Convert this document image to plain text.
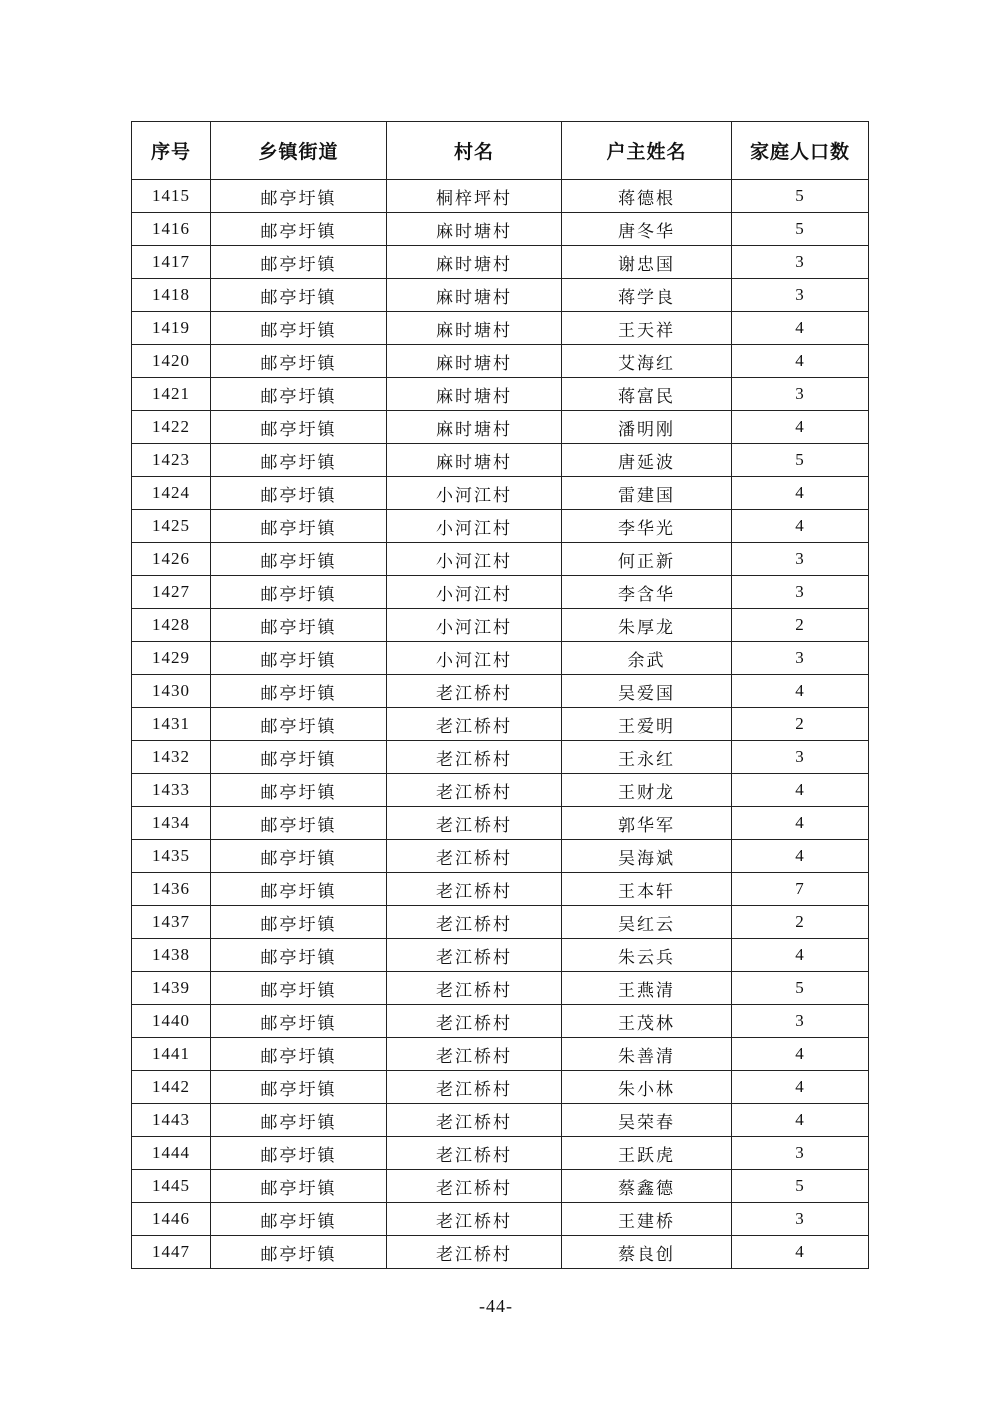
序号	乡镇街道	村名	户主姓名	家庭人口数
1415	邮亭圩镇	桐梓坪村	蒋德根	5
1416	邮亭圩镇	麻时塘村	唐冬华	5
1417	邮亭圩镇	麻时塘村	谢忠国	3
1418	邮亭圩镇	麻时塘村	蒋学良	3
1419	邮亭圩镇	麻时塘村	王天祥	4
1420	邮亭圩镇	麻时塘村	艾海红	4
1421	邮亭圩镇	麻时塘村	蒋富民	3
1422	邮亭圩镇	麻时塘村	潘明刚	4
1423	邮亭圩镇	麻时塘村	唐延波	5
1424	邮亭圩镇	小河江村	雷建国	4
1425	邮亭圩镇	小河江村	李华光	4
1426	邮亭圩镇	小河江村	何正新	3
1427	邮亭圩镇	小河江村	李含华	3
1428	邮亭圩镇	小河江村	朱厚龙	2
1429	邮亭圩镇	小河江村	余武	3
1430	邮亭圩镇	老江桥村	吴爱国	4
1431	邮亭圩镇	老江桥村	王爱明	2
1432	邮亭圩镇	老江桥村	王永红	3
1433	邮亭圩镇	老江桥村	王财龙	4
1434	邮亭圩镇	老江桥村	郭华军	4
1435	邮亭圩镇	老江桥村	吴海斌	4
1436	邮亭圩镇	老江桥村	王本轩	7
1437	邮亭圩镇	老江桥村	吴红云	2
1438	邮亭圩镇	老江桥村	朱云兵	4
1439	邮亭圩镇	老江桥村	王燕清	5
1440	邮亭圩镇	老江桥村	王茂林	3
1441	邮亭圩镇	老江桥村	朱善清	4
1442	邮亭圩镇	老江桥村	朱小林	4
1443	邮亭圩镇	老江桥村	吴荣春	4
1444	邮亭圩镇	老江桥村	王跃虎	3
1445	邮亭圩镇	老江桥村	蔡鑫德	5
1446	邮亭圩镇	老江桥村	王建桥	3
1447	邮亭圩镇	老江桥村	蔡良创	4
-44-
